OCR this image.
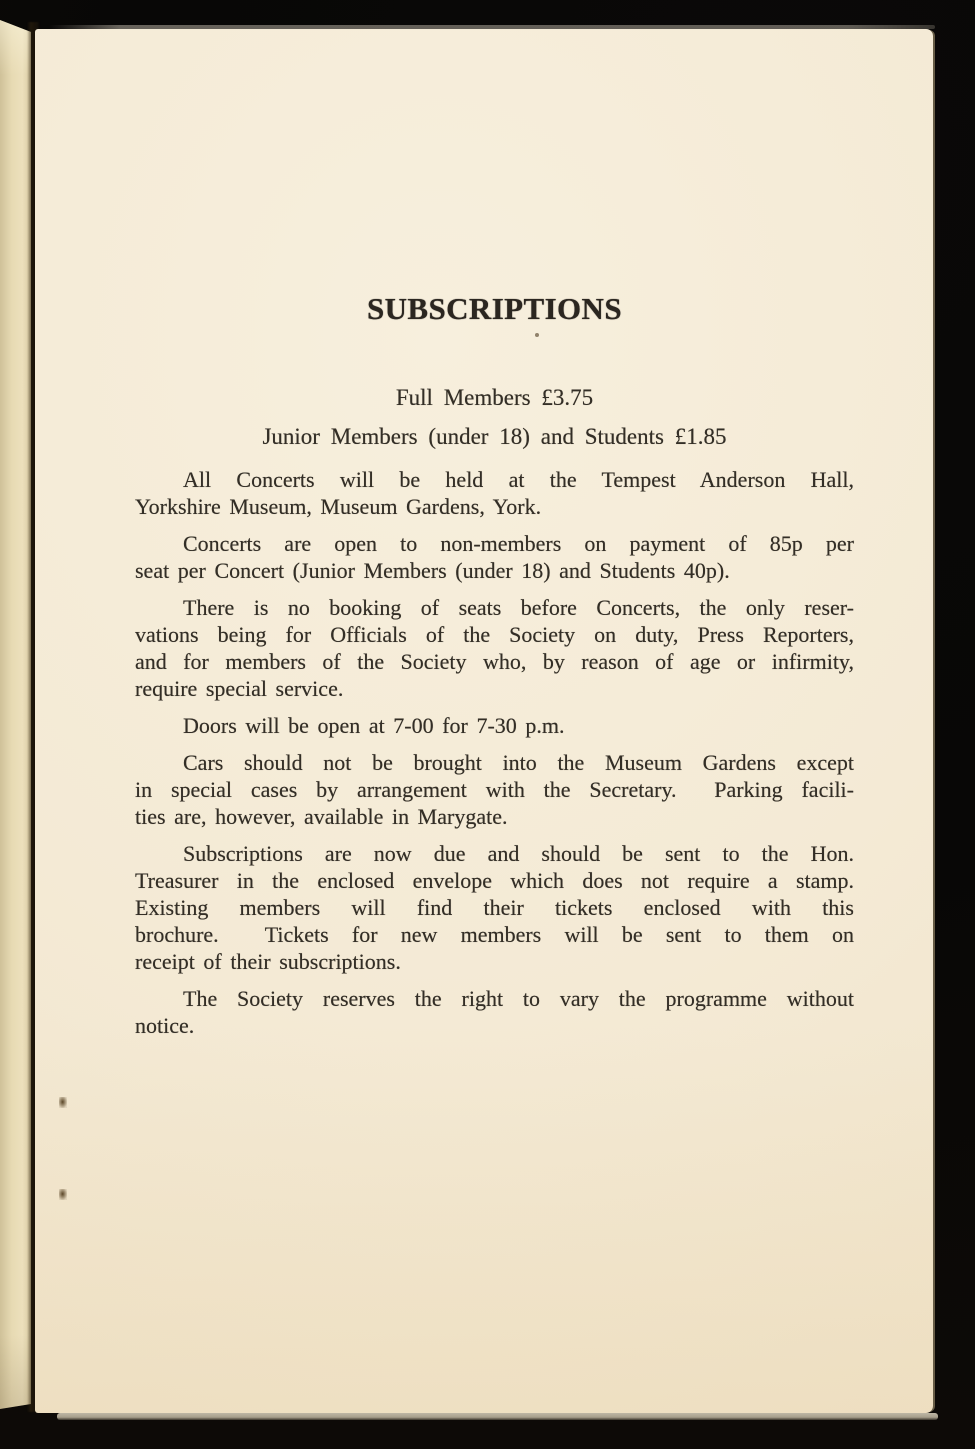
SUBSCRIPTIONS
Full Members £3.75
Junior Members (under 18) and Students £1.85
All Concerts will be held at the Tempest Anderson Hall,
Yorkshire Museum, Museum Gardens, York.
Concerts are open to non-members on payment of 85p per
seat per Concert (Junior Members (under 18) and Students 40p).
There is no booking of seats before Concerts, the only reser-
vations being for Officials of the Society on duty, Press Reporters,
and for members of the Society who, by reason of age or infirmity,
require special service.
Doors will be open at 7-00 for 7-30 p.m.
Cars should not be brought into the Museum Gardens except
in special cases by arrangement with the Secretary.  Parking facili-
ties are, however, available in Marygate.
Subscriptions are now due and should be sent to the Hon.
Treasurer in the enclosed envelope which does not require a stamp.
Existing members will find their tickets enclosed with this
brochure.  Tickets for new members will be sent to them on
receipt of their subscriptions.
The Society reserves the right to vary the programme without
notice.
